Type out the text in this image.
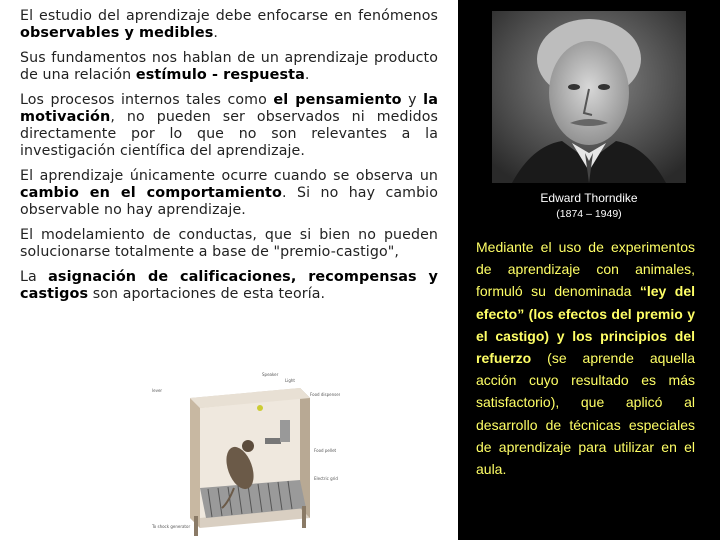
El estudio del aprendizaje debe enfocarse en fenómenos observables y medibles.

Sus fundamentos nos hablan de un aprendizaje producto de una relación estímulo - respuesta.

Los procesos internos tales como el pensamiento y la motivación, no pueden ser observados ni medidos directamente por lo que no son relevantes a la investigación científica del aprendizaje.

El aprendizaje únicamente ocurre cuando se observa un cambio en el comportamiento. Si no hay cambio observable no hay aprendizaje.

El modelamiento de conductas, que si bien no pueden solucionarse totalmente a base de "premio-castigo",

La asignación de calificaciones, recompensas y castigos son aportaciones de esta teoría.

Speaker
Light
lever
Food dispenser
Food pellet
Electric grid
To shock generator
Edward Thorndike
(1874 – 1949)

Mediante el uso de experimentos de aprendizaje con animales, formuló su denominada “ley del efecto” (los efectos del premio y el castigo) y los principios del refuerzo (se aprende aquella acción cuyo resultado es más satisfactorio), que aplicó al desarrollo de técnicas especiales de aprendizaje para utilizar en el aula.
